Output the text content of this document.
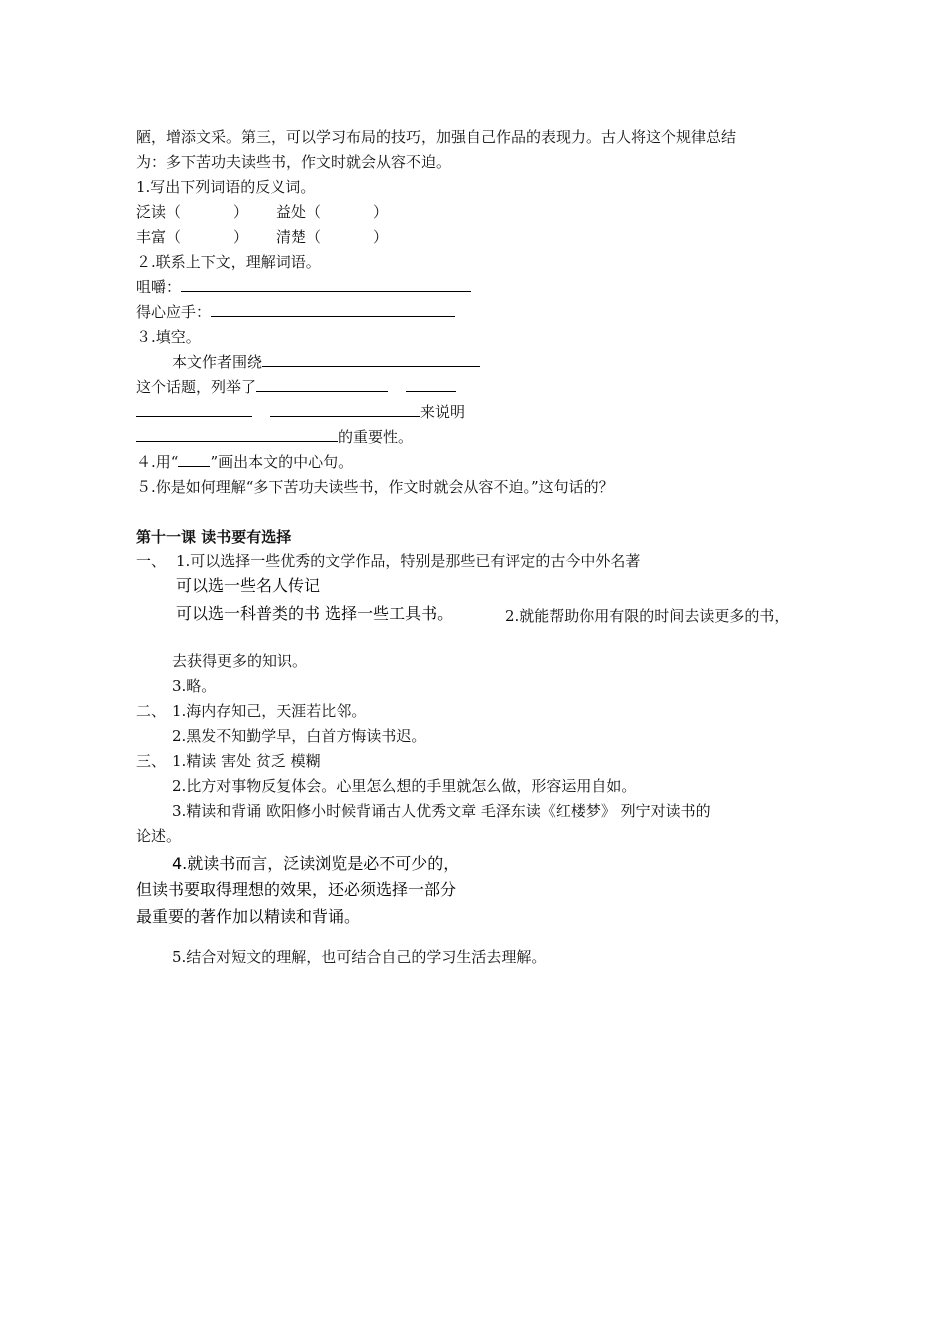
陋，增添文采。第三，可以学习布局的技巧，加强自己作品的表现力。古人将这个规律总结
为：多下苦功夫读些书，作文时就会从容不迫。
1.写出下列词语的反义词。
泛读（	） 益处（	）
丰富（	） 清楚（	）
２.联系上下文，理解词语。
咀嚼：
得心应手：
３.填空。
本文作者围绕
这个话题，列举了
来说明
的重要性。
４.用“ ”画出本文的中心句。
５.你是如何理解“多下苦功夫读些书，作文时就会从容不迫。”这句话的？
第十一课 读书要有选择
一、 1.可以选择一些优秀的文学作品，特别是那些已有评定的古今中外名著
可以选一些名人传记
可以选一科普类的书 选择一些工具书。	2.就能帮助你用有限的时间去读更多的书，
去获得更多的知识。
3.略。
二、 1.海内存知己，天涯若比邻。
2.黑发不知勤学早，白首方悔读书迟。
三、 1.精读 害处 贫乏 模糊
2.比方对事物反复体会。心里怎么想的手里就怎么做，形容运用自如。
3.精读和背诵 欧阳修小时候背诵古人优秀文章 毛泽东读《红楼梦》 列宁对读书的
论述。
4.就读书而言，泛读浏览是必不可少的，
但读书要取得理想的效果，还必须选择一部分
最重要的著作加以精读和背诵。
5.结合对短文的理解，也可结合自己的学习生活去理解。
